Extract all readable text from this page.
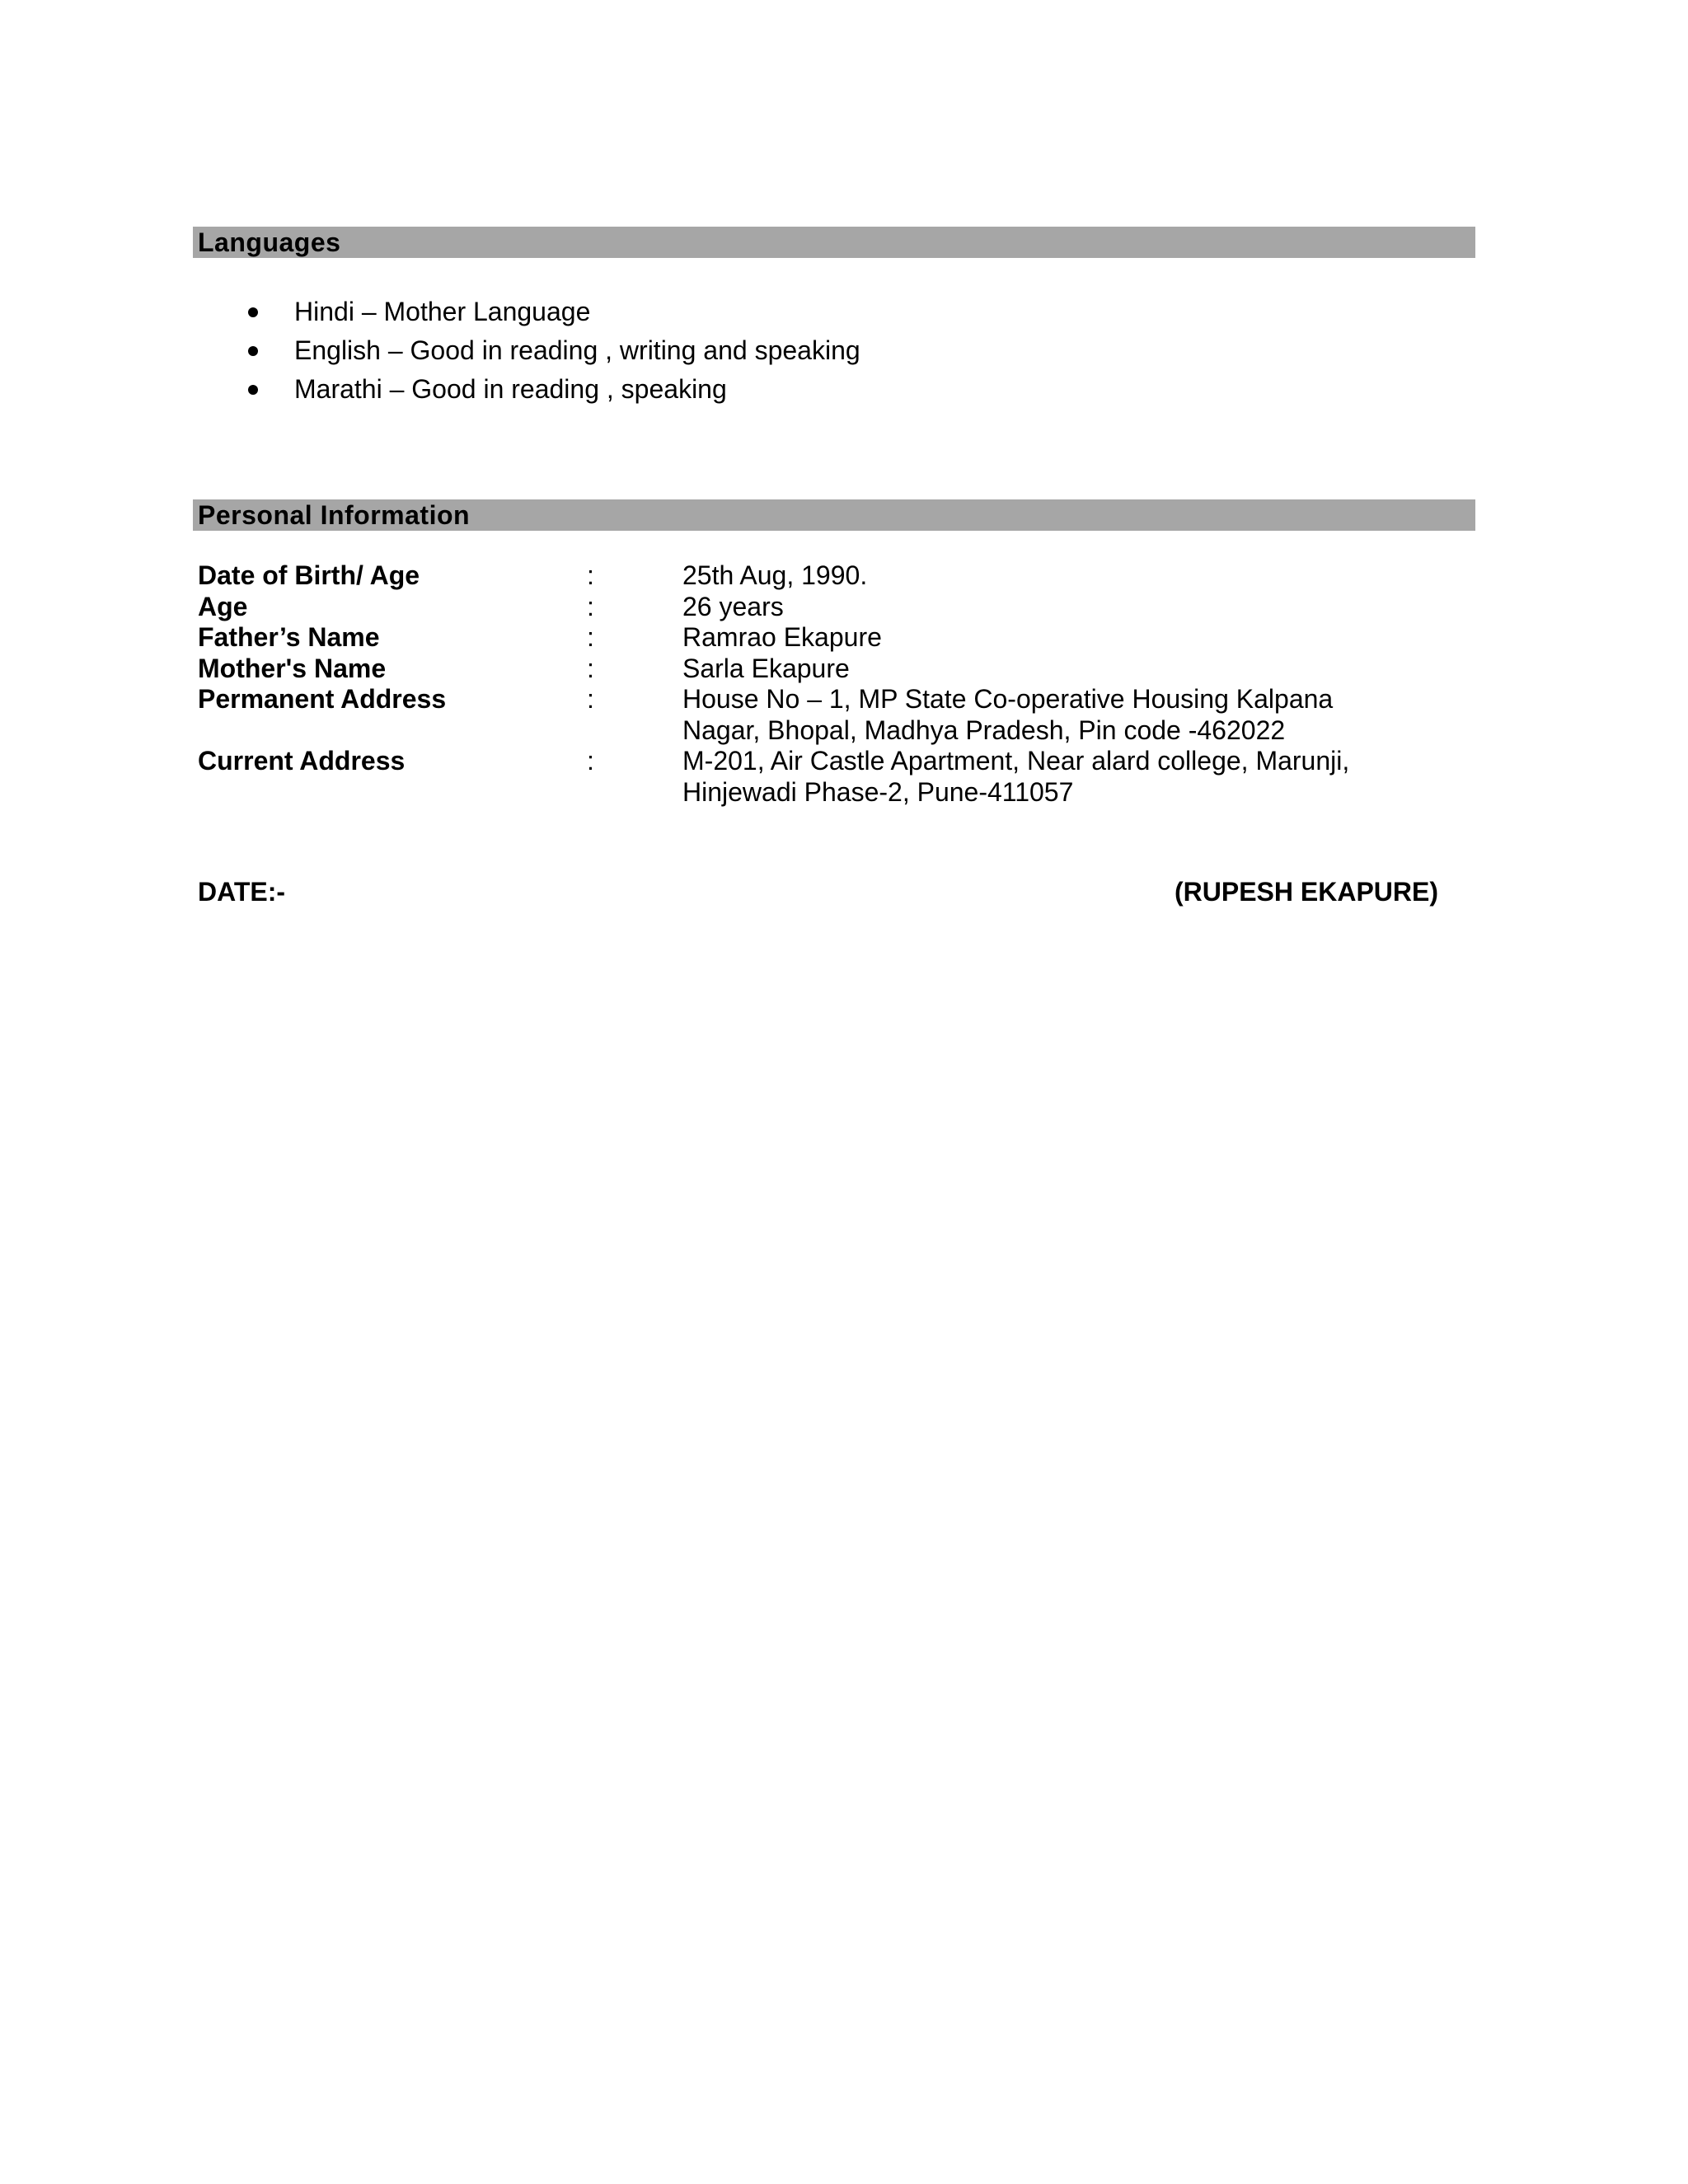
Languages
Hindi – Mother Language
English – Good in reading , writing and speaking
Marathi – Good in reading , speaking
Personal Information
Date of Birth/ Age	:	25th Aug, 1990.
Age	:	26 years
Father’s Name	:	Ramrao Ekapure
Mother's Name	:	Sarla Ekapure
Permanent Address	:	House No – 1, MP State Co-operative Housing Kalpana
Nagar, Bhopal, Madhya Pradesh, Pin code -462022
Current Address	:	M-201, Air Castle Apartment, Near alard college, Marunji,
Hinjewadi Phase-2, Pune-411057
DATE:-	(RUPESH EKAPURE)
